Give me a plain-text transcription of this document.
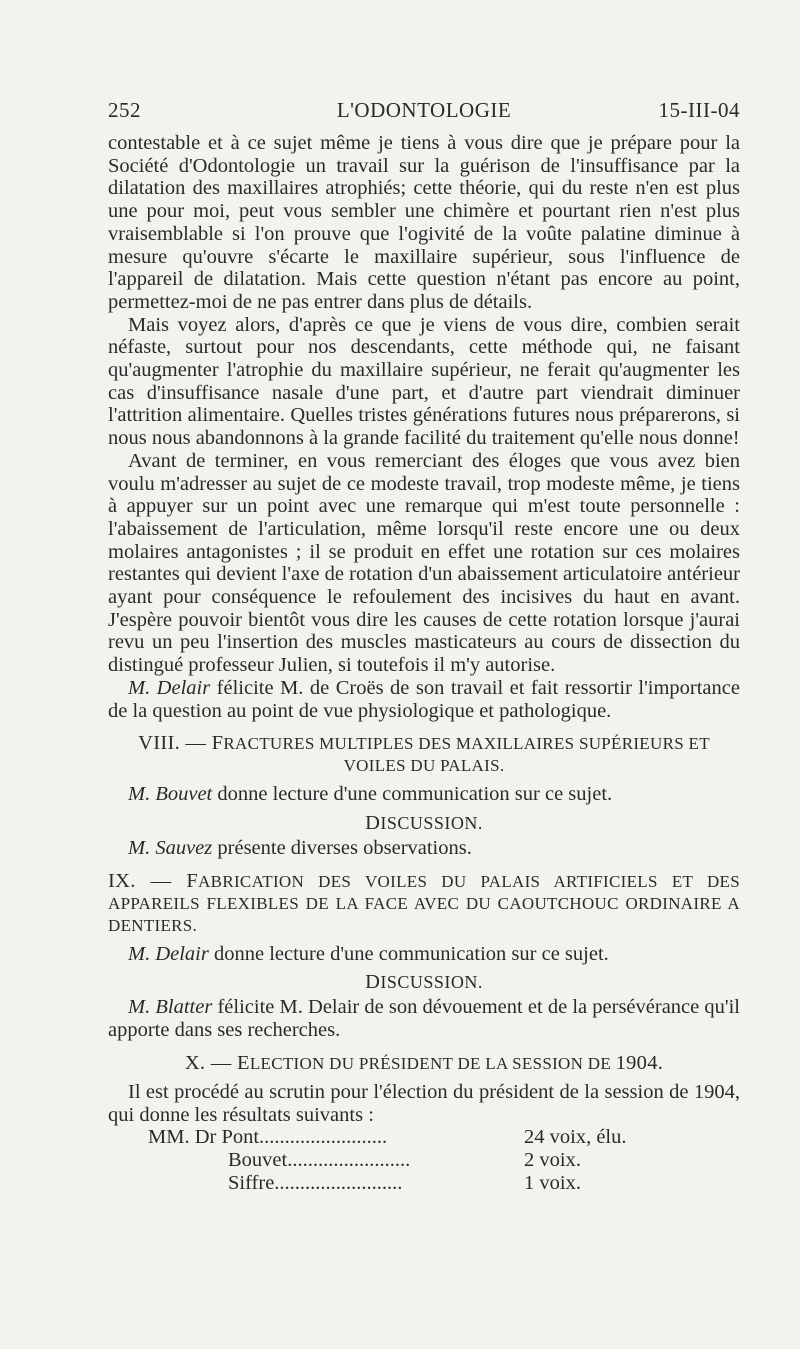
252	L'ODONTOLOGIE	15-III-04

contestable et à ce sujet même je tiens à vous dire que je prépare pour la Société d'Odontologie un travail sur la guérison de l'insuffisance par la dilatation des maxillaires atrophiés; cette théorie, qui du reste n'en est plus une pour moi, peut vous sembler une chimère et pourtant rien n'est plus vraisemblable si l'on prouve que l'ogivité de la voûte palatine diminue à mesure qu'ouvre s'écarte le maxillaire supérieur, sous l'influence de l'appareil de dilatation. Mais cette question n'étant pas encore au point, permettez-moi de ne pas entrer dans plus de détails.

Mais voyez alors, d'après ce que je viens de vous dire, combien serait néfaste, surtout pour nos descendants, cette méthode qui, ne faisant qu'augmenter l'atrophie du maxillaire supérieur, ne ferait qu'augmenter les cas d'insuffisance nasale d'une part, et d'autre part viendrait diminuer l'attrition alimentaire. Quelles tristes générations futures nous préparerons, si nous nous abandonnons à la grande facilité du traitement qu'elle nous donne!

Avant de terminer, en vous remerciant des éloges que vous avez bien voulu m'adresser au sujet de ce modeste travail, trop modeste même, je tiens à appuyer sur un point avec une remarque qui m'est toute personnelle : l'abaissement de l'articulation, même lorsqu'il reste encore une ou deux molaires antagonistes ; il se produit en effet une rotation sur ces molaires restantes qui devient l'axe de rotation d'un abaissement articulatoire antérieur ayant pour conséquence le refoulement des incisives du haut en avant. J'espère pouvoir bientôt vous dire les causes de cette rotation lorsque j'aurai revu un peu l'insertion des muscles masticateurs au cours de dissection du distingué professeur Julien, si toutefois il m'y autorise.

M. Delair félicite M. de Croës de son travail et fait ressortir l'importance de la question au point de vue physiologique et pathologique.

VIII. — FRACTURES MULTIPLES DES MAXILLAIRES SUPÉRIEURS ET VOILES DU PALAIS.

M. Bouvet donne lecture d'une communication sur ce sujet.

DISCUSSION.

M. Sauvez présente diverses observations.

IX. — FABRICATION DES VOILES DU PALAIS ARTIFICIELS ET DES APPAREILS FLEXIBLES DE LA FACE AVEC DU CAOUTCHOUC ORDINAIRE A DENTIERS.

M. Delair donne lecture d'une communication sur ce sujet.

DISCUSSION.

M. Blatter félicite M. Delair de son dévouement et de la persévérance qu'il apporte dans ses recherches.

X. — ELECTION DU PRÉSIDENT DE LA SESSION DE 1904.

Il est procédé au scrutin pour l'élection du président de la session de 1904, qui donne les résultats suivants :

MM. Dr Pont.........................	24 voix, élu.
Bouvet........................	2 voix.
Siffre.........................	1 voix.
